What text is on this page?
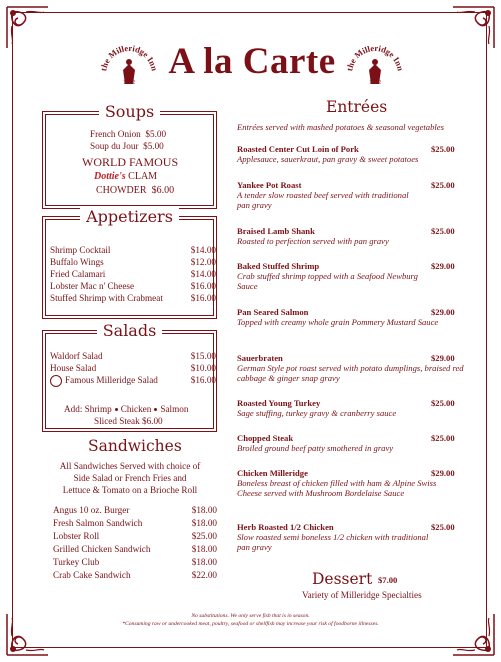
the Milleridge Inn
1672
A la Carte the Milleridge Inn
1672
Soups
French Onion $5.00
Soup du Jour $5.00
WORLD FAMOUS
Dottie's CLAM
CHOWDER $6.00
Appetizers
Shrimp Cocktail	$14.00
Buffalo Wings	$12.00
Fried Calamari	$14.00
Lobster Mac n' Cheese	$16.00
Stuffed Shrimp with Crabmeat	$16.00
Salads
Waldorf Salad	$15.00
House Salad	$10.00
Famous Milleridge Salad	$16.00
Add: Shrimp Chicken Salmon
Sliced Steak $6.00
Sandwiches
All Sandwiches Served with choice of
Side Salad or French Fries and
Lettuce & Tomato on a Brioche Roll
Angus 10 oz. Burger	$18.00
Fresh Salmon Sandwich	$18.00
Lobster Roll	$25.00
Grilled Chicken Sandwich	$18.00
Turkey Club	$18.00
Crab Cake Sandwich	$22.00
Entrées
Entrées served with mashed potatoes & seasonal vegetables
Roasted Center Cut Loin of Pork	$25.00
Applesauce, sauerkraut, pan gravy & sweet potatoes
Yankee Pot Roast	$25.00
A tender slow roasted beef served with traditional pan gravy
Braised Lamb Shank	$25.00
Roasted to perfection served with pan gravy
Baked Stuffed Shrimp	$29.00
Crab stuffed shrimp topped with a Seafood Newburg Sauce
Pan Seared Salmon	$29.00
Topped with creamy whole grain Pommery Mustard Sauce
Sauerbraten	$29.00
German Style pot roast served with potato dumplings, braised red cabbage & ginger snap gravy
Roasted Young Turkey	$25.00
Sage stuffing, turkey gravy & cranberry sauce
Chopped Steak	$25.00
Broiled ground beef patty smothered in gravy
Chicken Milleridge	$29.00
Boneless breast of chicken filled with ham & Alpine Swiss Cheese served with Mushroom Bordelaise Sauce
Herb Roasted 1/2 Chicken	$25.00
Slow roasted semi boneless 1/2 chicken with traditional pan gravy
Dessert $7.00
Variety of Milleridge Specialties
No substitutions. We only serve fish that is in season.
*Consuming raw or undercooked meat, poultry, seafood or shellfish may increase your risk of foodborne illnesses.
